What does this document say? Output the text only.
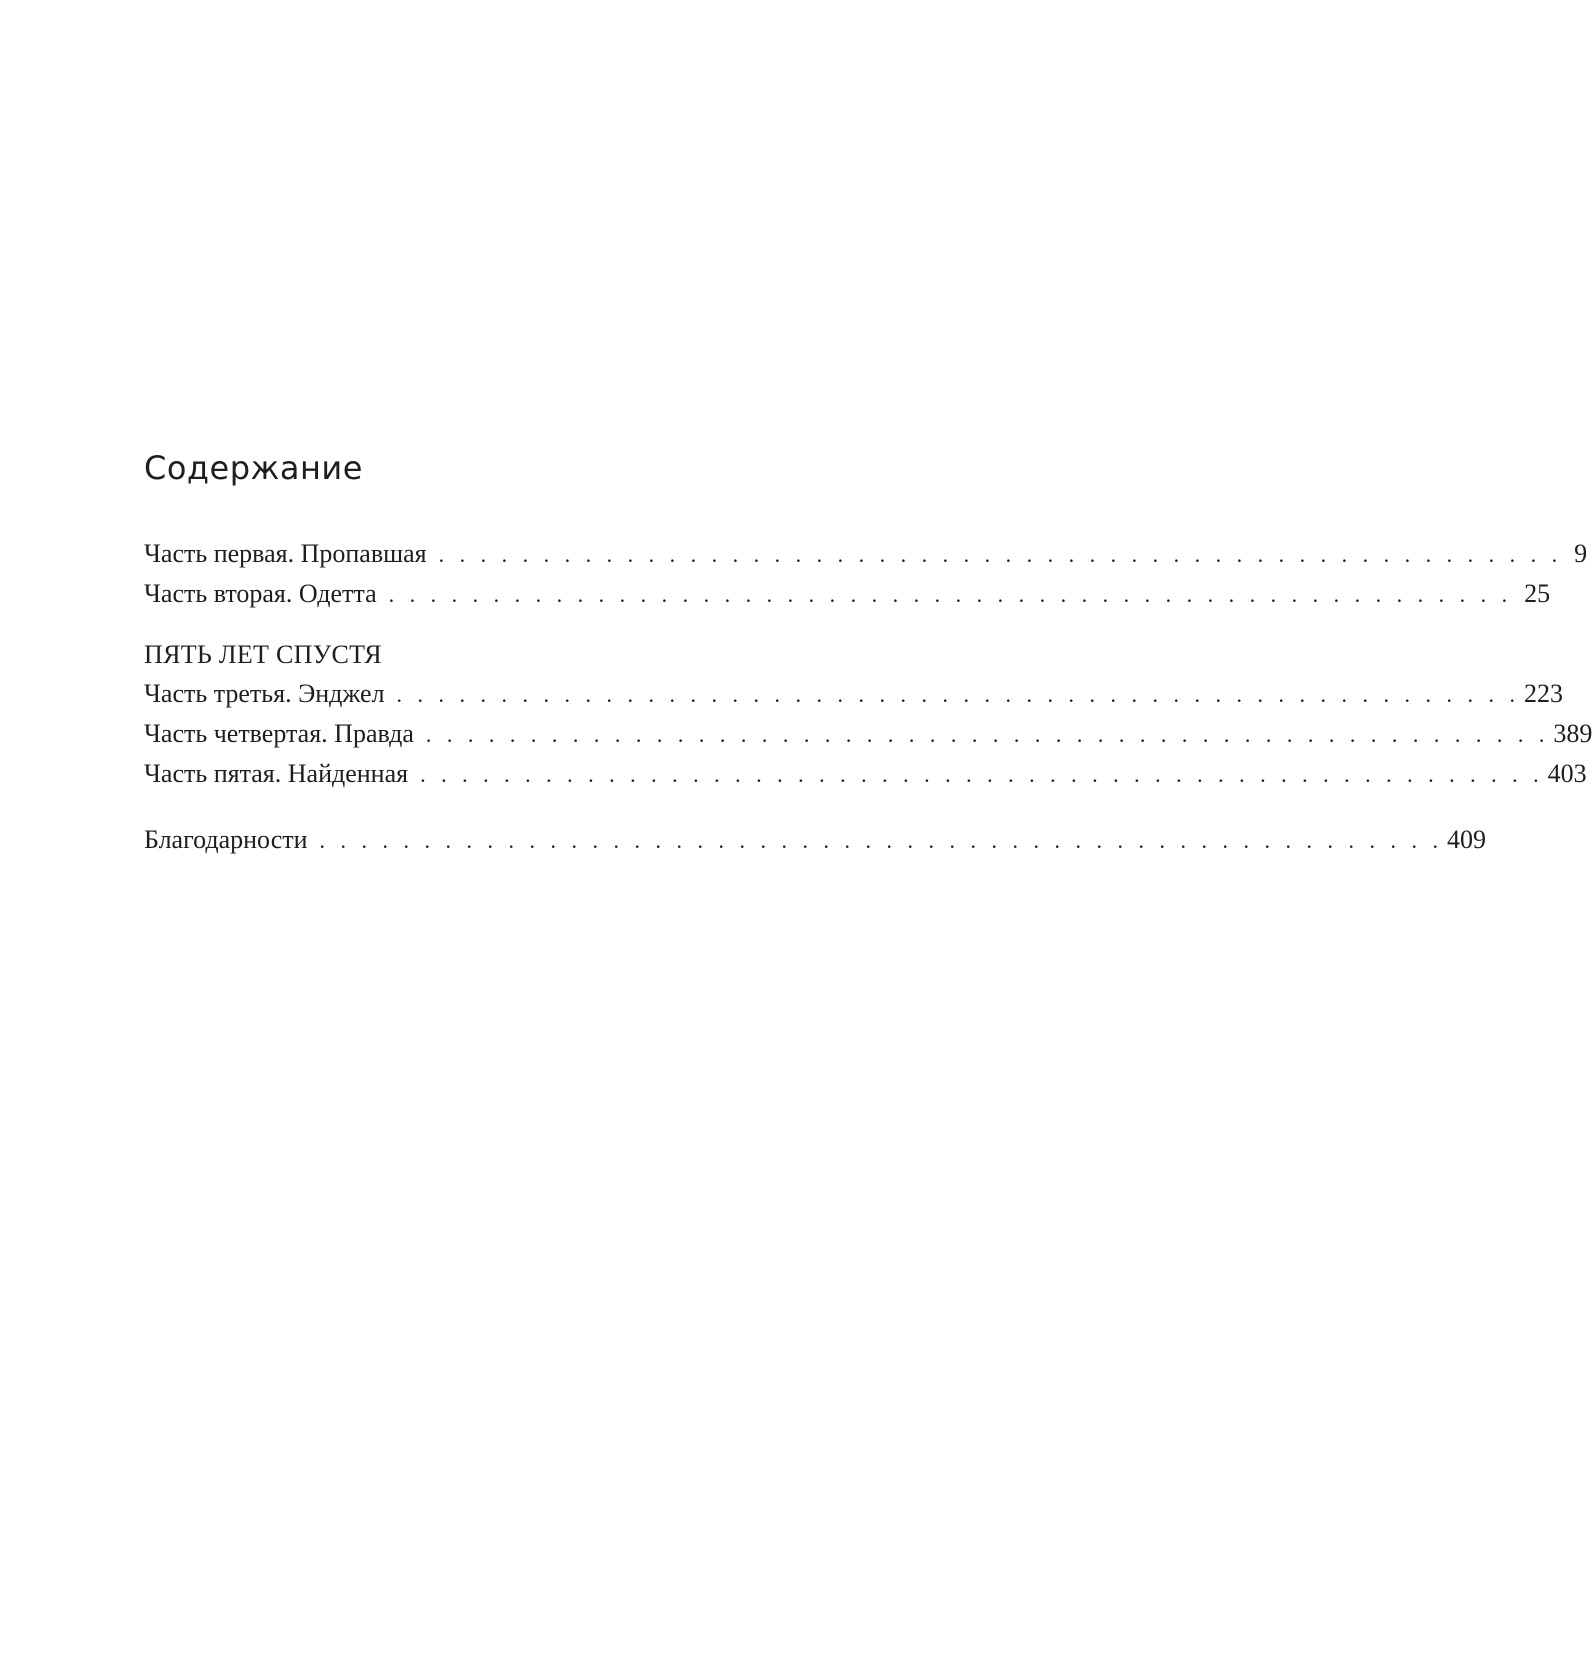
Содержание
Часть первая. Пропавшая . . . . . . . . . . . . . . . . . . . . . . . . . . . . . . . . . . . . . . . . . . . . . . . . . . . . . . 9
Часть вторая. Одетта . . . . . . . . . . . . . . . . . . . . . . . . . . . . . . . . . . . . . . . . . . . . . . . . . . . . . . 25
ПЯТЬ ЛЕТ СПУСТЯ
Часть третья. Энджел . . . . . . . . . . . . . . . . . . . . . . . . . . . . . . . . . . . . . . . . . . . . . . . . . . . . . . 223
Часть четвертая. Правда . . . . . . . . . . . . . . . . . . . . . . . . . . . . . . . . . . . . . . . . . . . . . . . . . . . . . . 389
Часть пятая. Найденная . . . . . . . . . . . . . . . . . . . . . . . . . . . . . . . . . . . . . . . . . . . . . . . . . . . . . . 403
Благодарности . . . . . . . . . . . . . . . . . . . . . . . . . . . . . . . . . . . . . . . . . . . . . . . . . . . . . . 409
